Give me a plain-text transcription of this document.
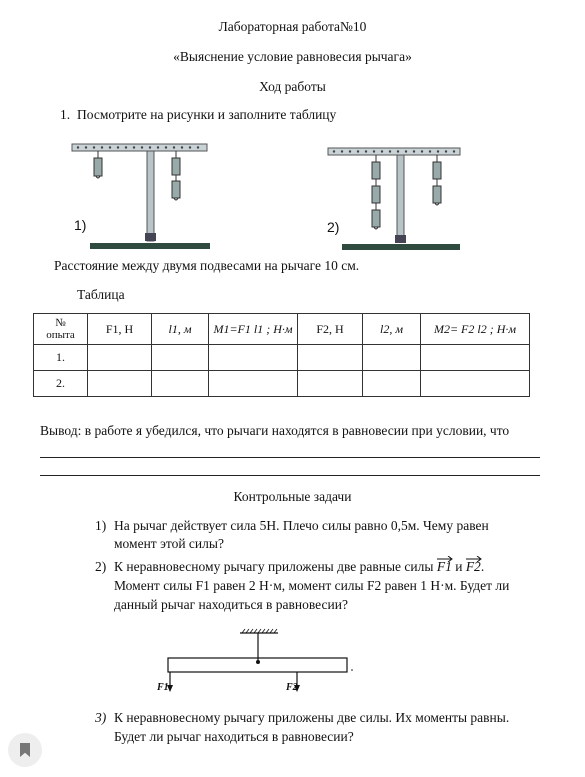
Лабораторная работа№10
«Выяснение условие равновесия рычага»
Ход работы
1. Посмотрите на рисунки и заполните таблицу
1)	2)
Расстояние между двумя подвесами на рычаге 10 см.
Таблица
№
опыта	F1, Н	l1, м	M1=F1 l1 ; Н·м	F2, Н	l2, м	M2= F2 l2 ; Н·м
1.						
2.						
Вывод: в работе я убедился, что рычаги находятся в равновесии при условии, что
Контрольные задачи
1) На рычаг действует сила 5Н. Плечо силы равно 0,5м. Чему равен
момент этой силы?
2) К неравновесному рычагу приложены две равные силы F1 и F2
.
Момент силы F1 равен 2 Н·м, момент силы F2 равен 1 Н·м. Будет ли
данный рычаг находиться в равновесии?
F1	F2
3) К неравновесному рычагу приложены две силы. Их моменты равны.
Будет ли рычаг находиться в равновесии?
